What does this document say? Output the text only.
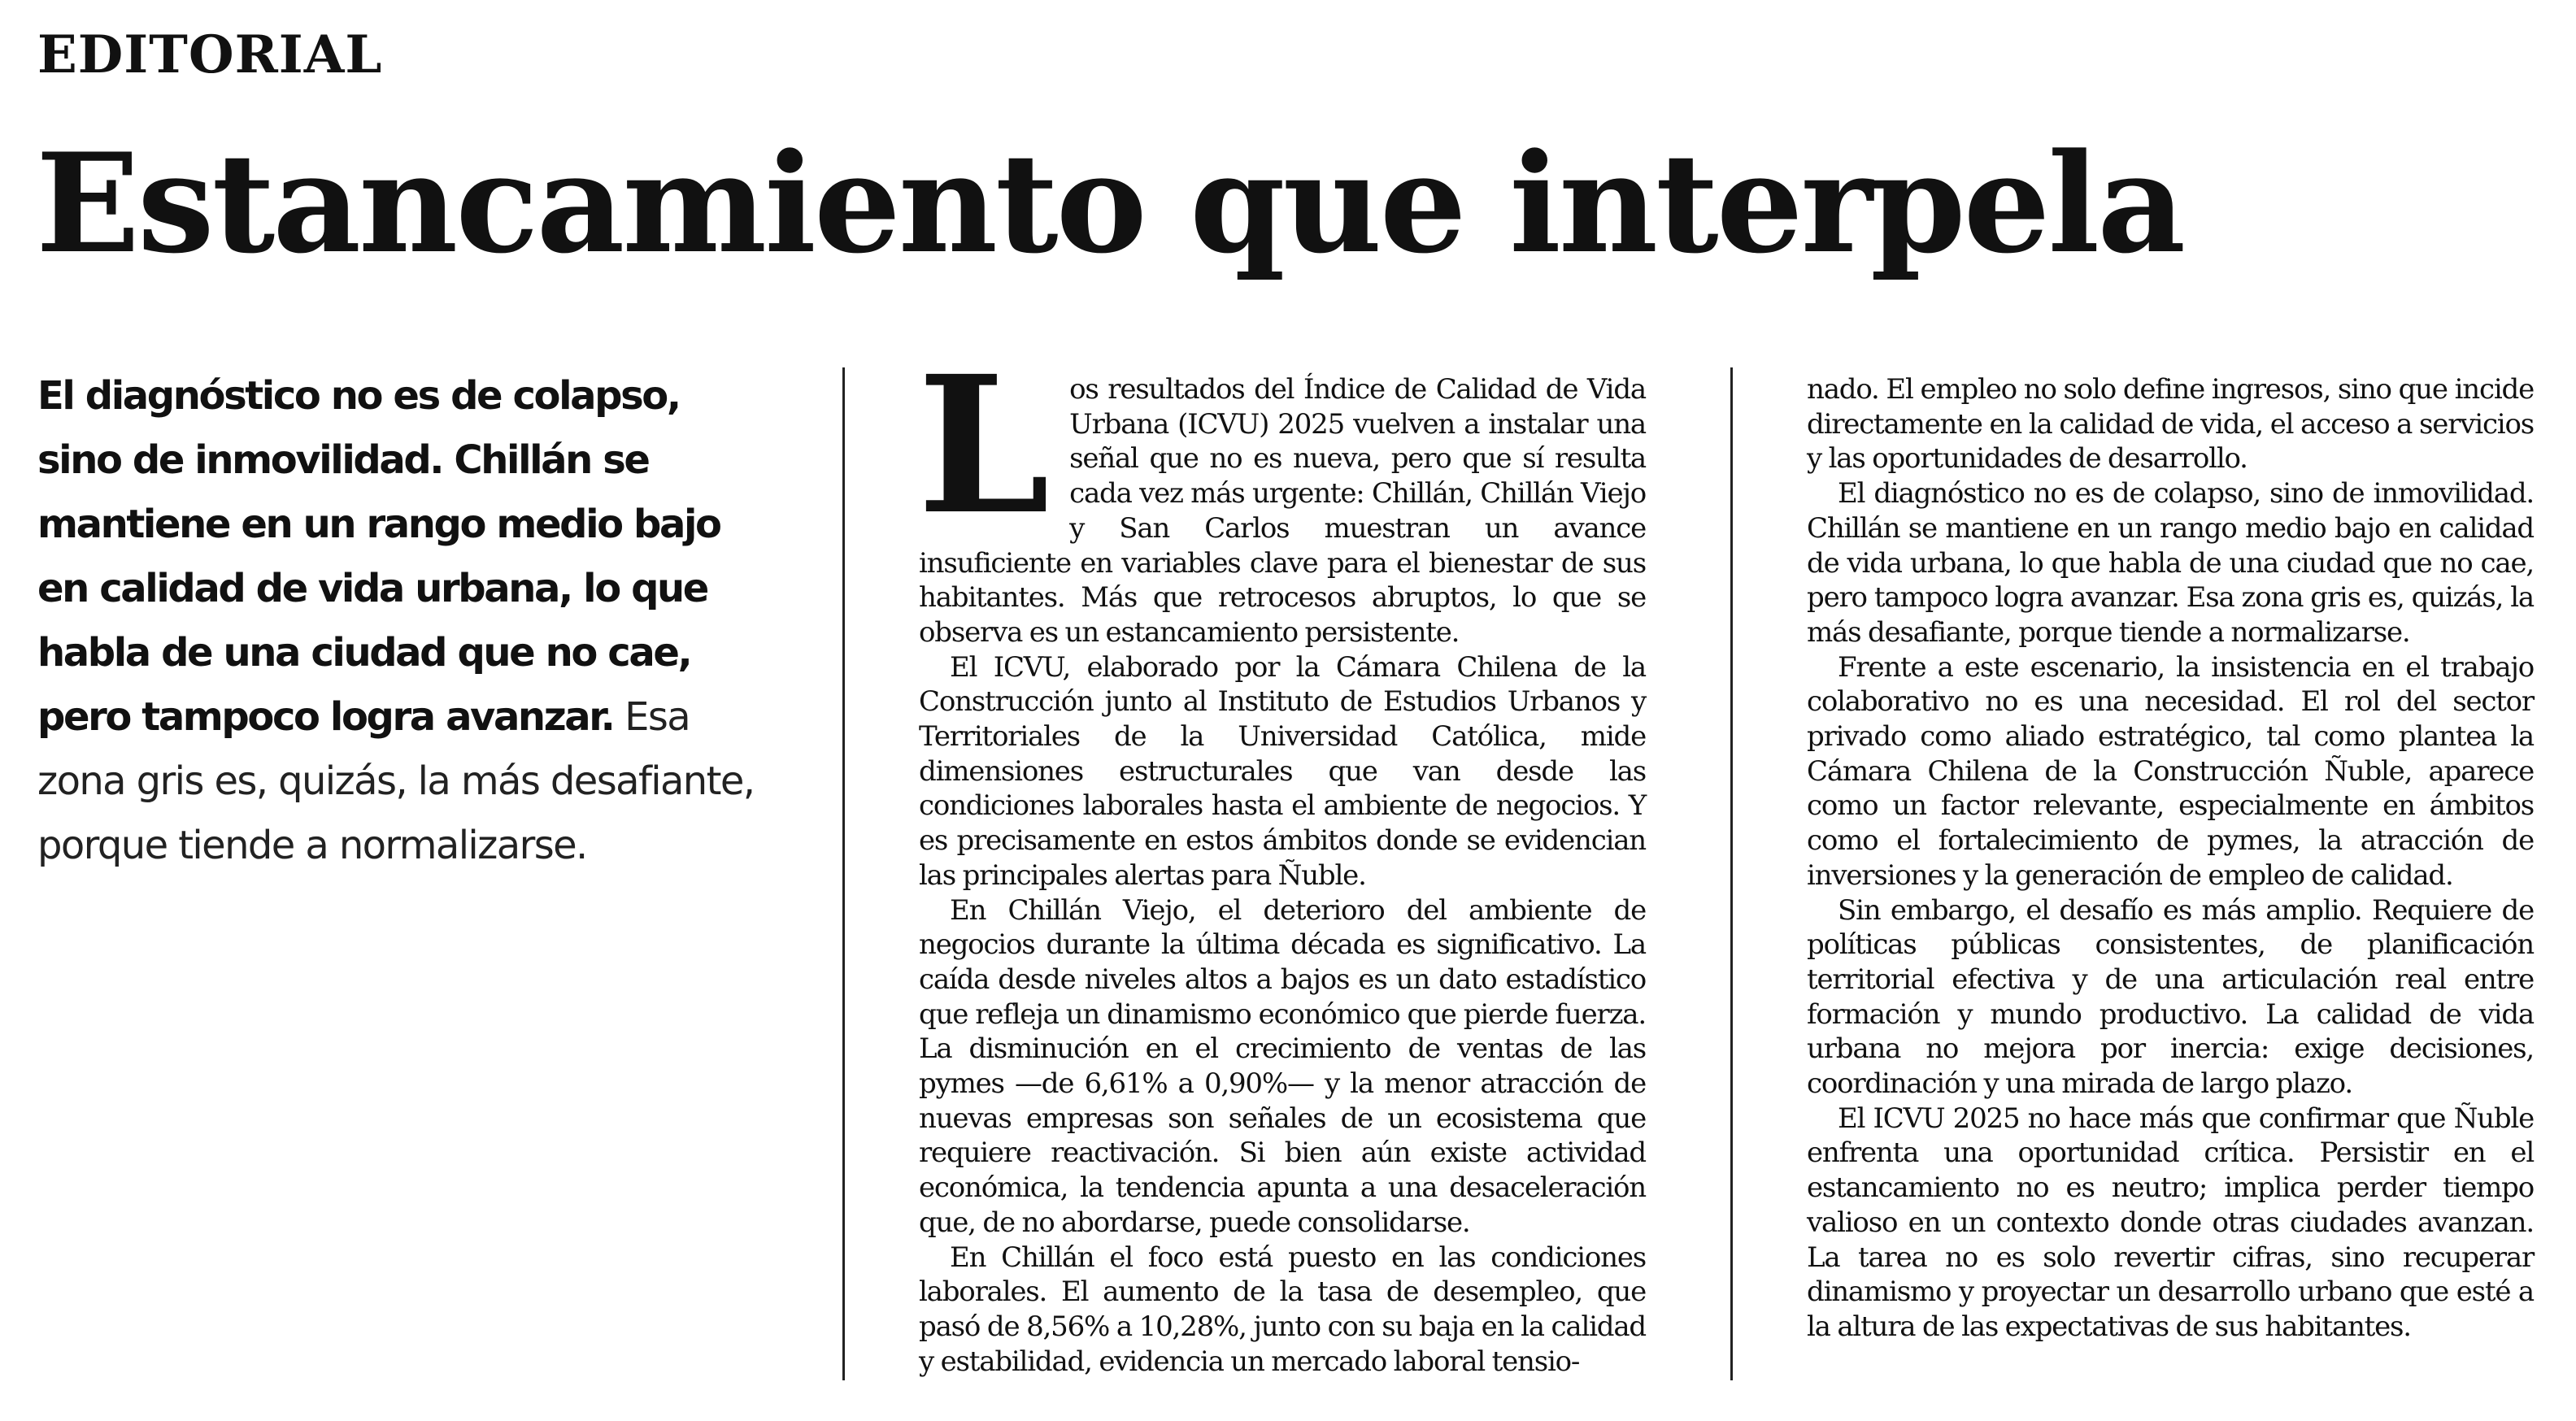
EDITORIAL
Estancamiento que interpela

El diagnóstico no es de colapso, sino de inmovilidad. Chillán se mantiene en un rango medio bajo en calidad de vida urbana, lo que habla de una ciudad que no cae, pero tampoco logra avanzar. Esa zona gris es, quizás, la más desafiante, porque tiende a normalizarse.

Los resultados del Índice de Calidad de Vida Urbana (ICVU) 2025 vuelven a instalar una señal que no es nueva, pero que sí resulta cada vez más urgente: Chillán, Chillán Viejo y San Carlos muestran un avance insuficiente en variables clave para el bienestar de sus habitantes. Más que retrocesos abruptos, lo que se observa es un estancamiento persistente.

El ICVU, elaborado por la Cámara Chilena de la Construcción junto al Instituto de Estudios Urbanos y Territoriales de la Universidad Católica, mide dimensiones estructurales que van desde las condiciones laborales hasta el ambiente de negocios. Y es precisamente en estos ámbitos donde se evidencian las principales alertas para Ñuble.

En Chillán Viejo, el deterioro del ambiente de negocios durante la última década es significativo. La caída desde niveles altos a bajos es un dato estadístico que refleja un dinamismo económico que pierde fuerza. La disminución en el crecimiento de ventas de las pymes —de 6,61% a 0,90%— y la menor atracción de nuevas empresas son señales de un ecosistema que requiere reactivación. Si bien aún existe actividad económica, la tendencia apunta a una desaceleración que, de no abordarse, puede consolidarse.

En Chillán el foco está puesto en las condiciones laborales. El aumento de la tasa de desempleo, que pasó de 8,56% a 10,28%, junto con su baja en la calidad y estabilidad, evidencia un mercado laboral tensio-

nado. El empleo no solo define ingresos, sino que incide directamente en la calidad de vida, el acceso a servicios y las oportunidades de desarrollo.

El diagnóstico no es de colapso, sino de inmovilidad. Chillán se mantiene en un rango medio bajo en calidad de vida urbana, lo que habla de una ciudad que no cae, pero tampoco logra avanzar. Esa zona gris es, quizás, la más desafiante, porque tiende a normalizarse.

Frente a este escenario, la insistencia en el trabajo colaborativo no es una necesidad. El rol del sector privado como aliado estratégico, tal como plantea la Cámara Chilena de la Construcción Ñuble, aparece como un factor relevante, especialmente en ámbitos como el fortalecimiento de pymes, la atracción de inversiones y la generación de empleo de calidad.

Sin embargo, el desafío es más amplio. Requiere de políticas públicas consistentes, de planificación territorial efectiva y de una articulación real entre formación y mundo productivo. La calidad de vida urbana no mejora por inercia: exige decisiones, coordinación y una mirada de largo plazo.

El ICVU 2025 no hace más que confirmar que Ñuble enfrenta una oportunidad crítica. Persistir en el estancamiento no es neutro; implica perder tiempo valioso en un contexto donde otras ciudades avanzan. La tarea no es solo revertir cifras, sino recuperar dinamismo y proyectar un desarrollo urbano que esté a la altura de las expectativas de sus habitantes.
